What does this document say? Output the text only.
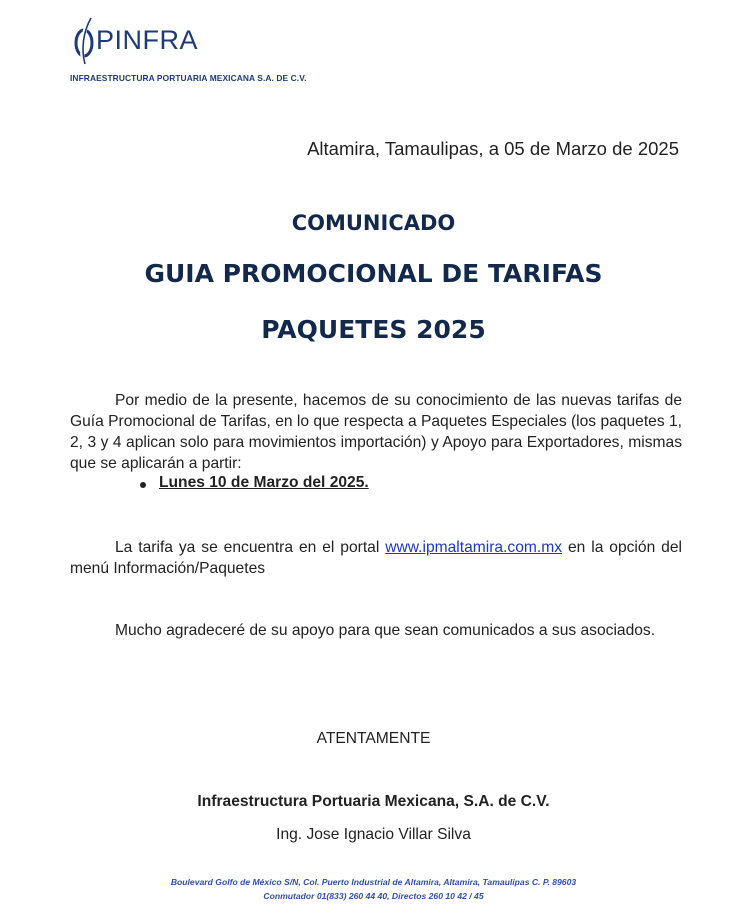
PINFRA
INFRAESTRUCTURA PORTUARIA MEXICANA S.A. DE C.V.
Altamira, Tamaulipas, a 05 de Marzo de 2025
COMUNICADO
GUIA PROMOCIONAL DE TARIFAS
PAQUETES 2025
Por medio de la presente, hacemos de su conocimiento de las nuevas tarifas de Guía Promocional de Tarifas, en lo que respecta a Paquetes Especiales (los paquetes 1, 2, 3 y 4 aplican solo para movimientos importación) y Apoyo para Exportadores, mismas que se aplicarán a partir:
Lunes 10 de Marzo del 2025.
La tarifa ya se encuentra en el portal www.ipmaltamira.com.mx en la opción del menú Información/Paquetes
Mucho agradeceré de su apoyo para que sean comunicados a sus asociados.
ATENTAMENTE
Infraestructura Portuaria Mexicana, S.A. de C.V.
Ing. Jose Ignacio Villar Silva
Boulevard Golfo de México S/N, Col. Puerto Industrial de Altamira, Altamira, Tamaulipas C. P. 89603
Conmutador 01(833) 260 44 40, Directos 260 10 42 / 45
